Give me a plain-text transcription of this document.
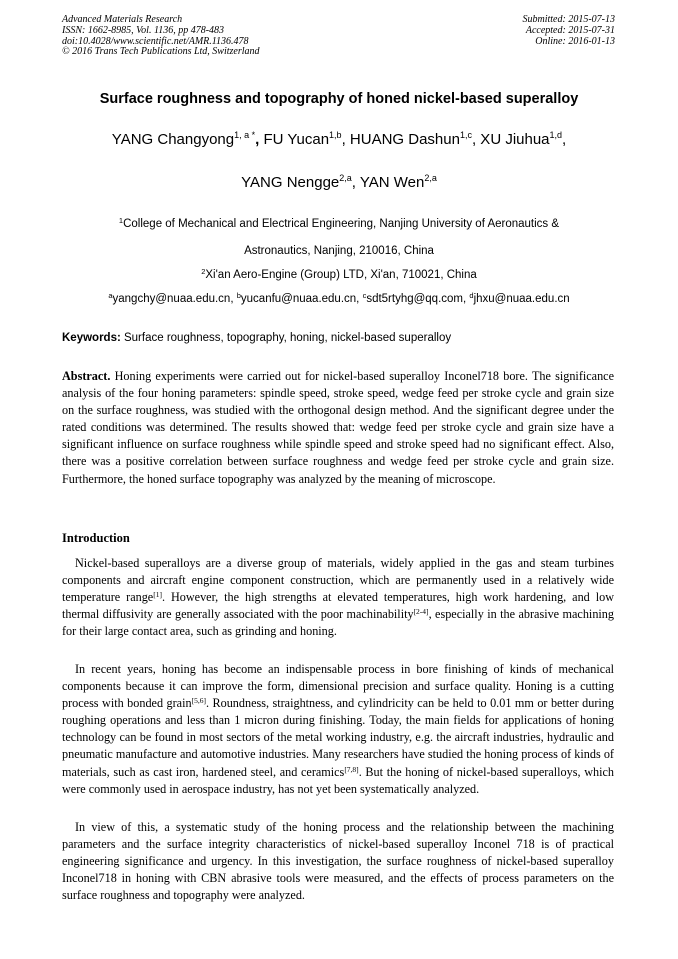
Advanced Materials Research
ISSN: 1662-8985, Vol. 1136, pp 478-483
doi:10.4028/www.scientific.net/AMR.1136.478
© 2016 Trans Tech Publications Ltd, Switzerland
Submitted: 2015-07-13
Accepted: 2015-07-31
Online: 2016-01-13
Surface roughness and topography of honed nickel-based superalloy
YANG Changyong$^{1, a *}$, FU Yucan$^{1,b}$, HUANG Dashun$^{1,c}$, XU Jiuhua$^{1,d}$,
YANG Nengge$^{2,a}$, YAN Wen$^{2,a}$
$^1$College of Mechanical and Electrical Engineering, Nanjing University of Aeronautics &
Astronautics, Nanjing, 210016, China
$^2$Xi'an Aero-Engine (Group) LTD, Xi'an, 710021, China
$^a$yangchy@nuaa.edu.cn, $^b$yucanfu@nuaa.edu.cn, $^c$sdt5rtyhg@qq.com, $^d$jhxu@nuaa.edu.cn
Keywords: Surface roughness, topography, honing, nickel-based superalloy

Abstract. Honing experiments were carried out for nickel-based superalloy Inconel718 bore. The significance analysis of the four honing parameters: spindle speed, stroke speed, wedge feed per stroke cycle and grain size on the surface roughness, was studied with the orthogonal design method. And the significant degree under the rated conditions was determined. The results showed that: wedge feed per stroke cycle and grain size have a significant influence on surface roughness while spindle speed and stroke speed had no significant effect. Also, there was a positive correlation between surface roughness and wedge feed per stroke cycle and grain size. Furthermore, the honed surface topography was analyzed by the meaning of microscope.

Introduction

Nickel-based superalloys are a diverse group of materials, widely applied in the gas and steam turbines components and aircraft engine component construction, which are permanently used in a relatively wide temperature range[1]. However, the high strengths at elevated temperatures, high work hardening, and low thermal diffusivity are generally associated with the poor machinability[2-4], especially in the abrasive machining for their large contact area, such as grinding and honing.

In recent years, honing has become an indispensable process in bore finishing of kinds of mechanical components because it can improve the form, dimensional precision and surface quality. Honing is a cutting process with bonded grain[5,6]. Roundness, straightness, and cylindricity can be held to 0.01 mm or better during roughing operations and less than 1 micron during finishing. Today, the main fields for applications of honing technology can be found in most sectors of the metal working industry, e.g. the aircraft industries, hydraulic and pneumatic manufacture and automotive industries. Many researchers have studied the honing process of kinds of materials, such as cast iron, hardened steel, and ceramics[7,8]. But the honing of nickel-based superalloys, which were commonly used in aerospace industry, has not yet been systematically analyzed.

In view of this, a systematic study of the honing process and the relationship between the machining parameters and the surface integrity characteristics of nickel-based superalloy Inconel 718 is of practical engineering significance and urgency. In this investigation, the surface roughness of nickel-based superalloy Inconel718 in honing with CBN abrasive tools were measured, and the effects of process parameters on the surface roughness and topography were analyzed.
